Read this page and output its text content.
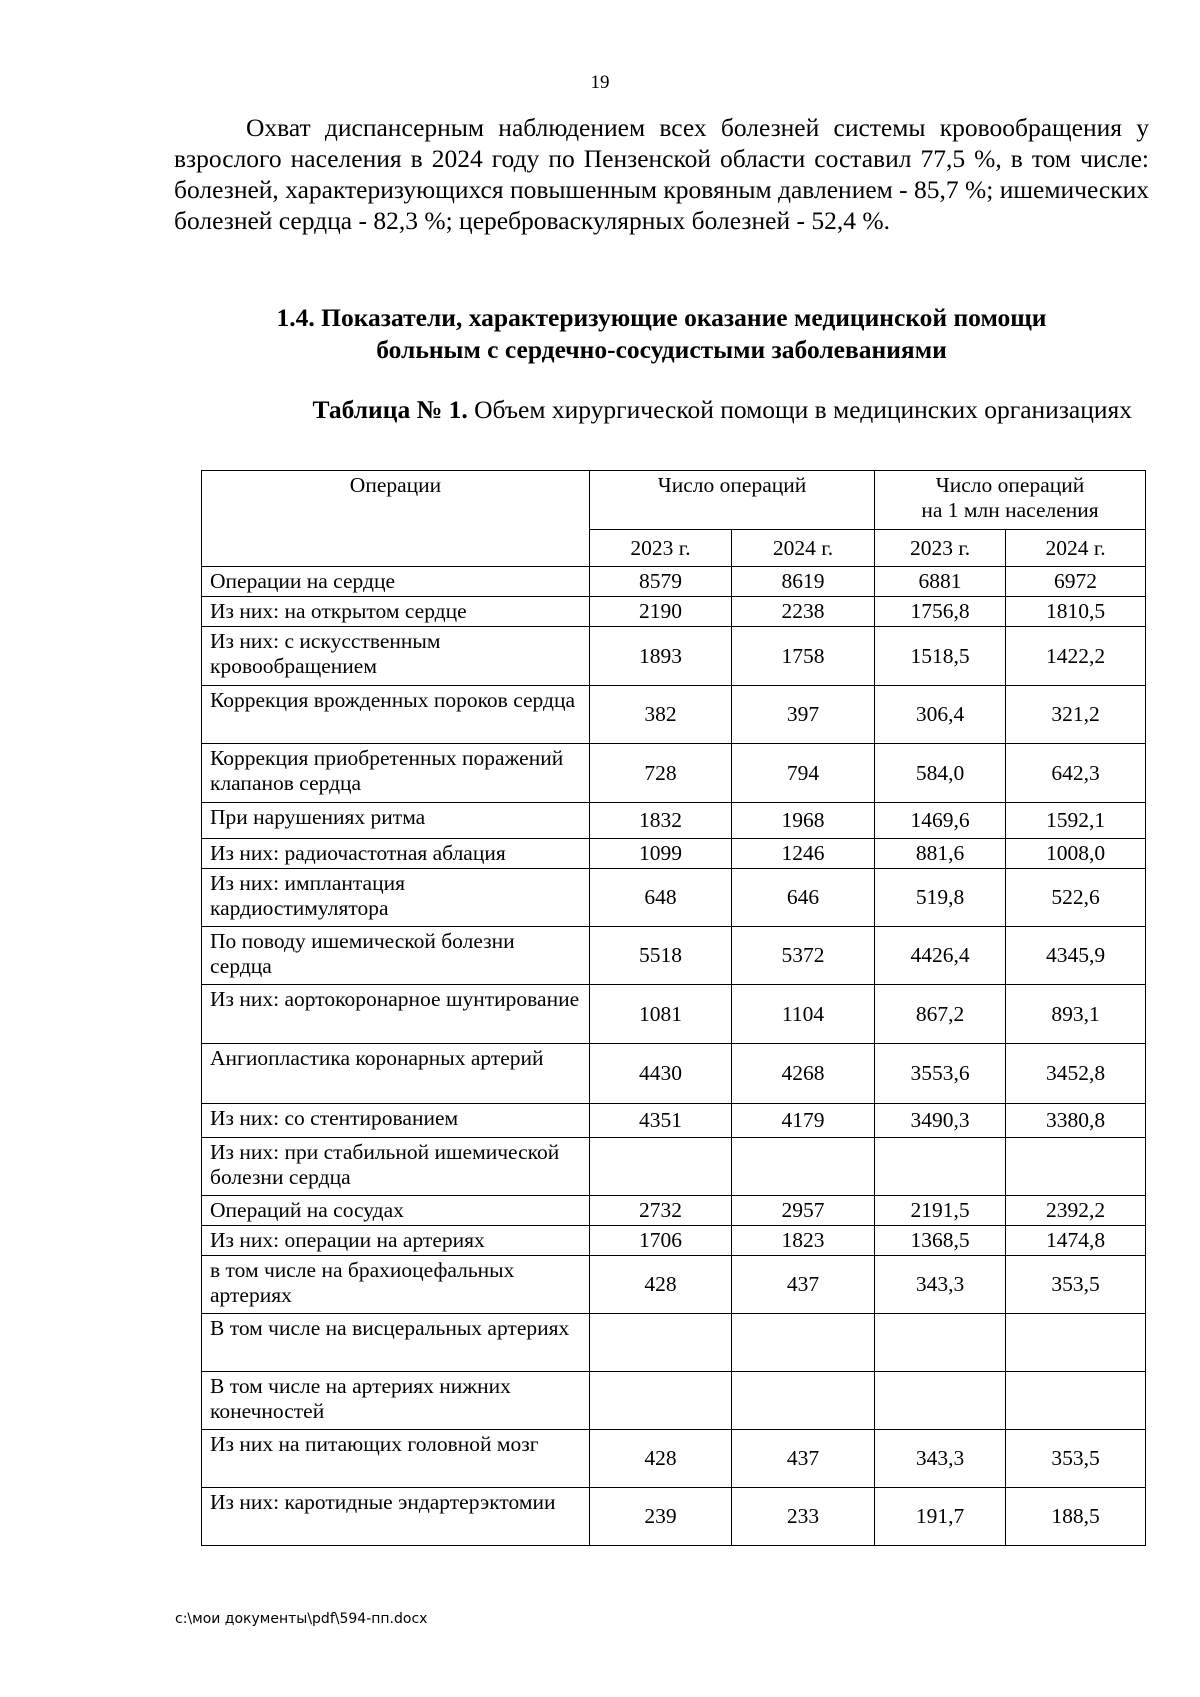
19

Охват диспансерным наблюдением всех болезней системы кровообращения у взрослого населения в 2024 году по Пензенской области составил 77,5 %, в том числе: болезней, характеризующихся повышенным кровяным давлением - 85,7 %; ишемических болезней сердца - 82,3 %; цереброваскулярных болезней - 52,4 %.

1.4. Показатели, характеризующие оказание медицинской помощи
больным с сердечно-сосудистыми заболеваниями

Таблица № 1. Объем хирургической помощи в медицинских организациях

Операции	Число операций		Число операций
на 1 млн населения	

	2023 г.	2024 г.	2023 г.	2024 г.
Операции на сердце	8579	8619	6881	6972
Из них: на открытом сердце	2190	2238	1756,8	1810,5
Из них: с искусственным кровообращением	1893	1758	1518,5	1422,2
Коррекция врожденных пороков сердца	382	397	306,4	321,2
Коррекция приобретенных поражений клапанов сердца	728	794	584,0	642,3
При нарушениях ритма	1832	1968	1469,6	1592,1
Из них: радиочастотная аблация	1099	1246	881,6	1008,0
Из них: имплантация кардиостимулятора	648	646	519,8	522,6
По поводу ишемической болезни сердца	5518	5372	4426,4	4345,9
Из них: аортокоронарное шунтирование	1081	1104	867,2	893,1
Ангиопластика коронарных артерий	4430	4268	3553,6	3452,8
Из них: со стентированием	4351	4179	3490,3	3380,8
Из них: при стабильной ишемической болезни сердца				
Операций на сосудах	2732	2957	2191,5	2392,2
Из них: операции на артериях	1706	1823	1368,5	1474,8
в том числе на брахиоцефальных артериях	428	437	343,3	353,5
В том числе на висцеральных артериях				
В том числе на артериях нижних конечностей				
Из них на питающих головной мозг	428	437	343,3	353,5
Из них: каротидные эндартерэктомии	239	233	191,7	188,5
c:\мои документы\pdf\594-пп.docx
